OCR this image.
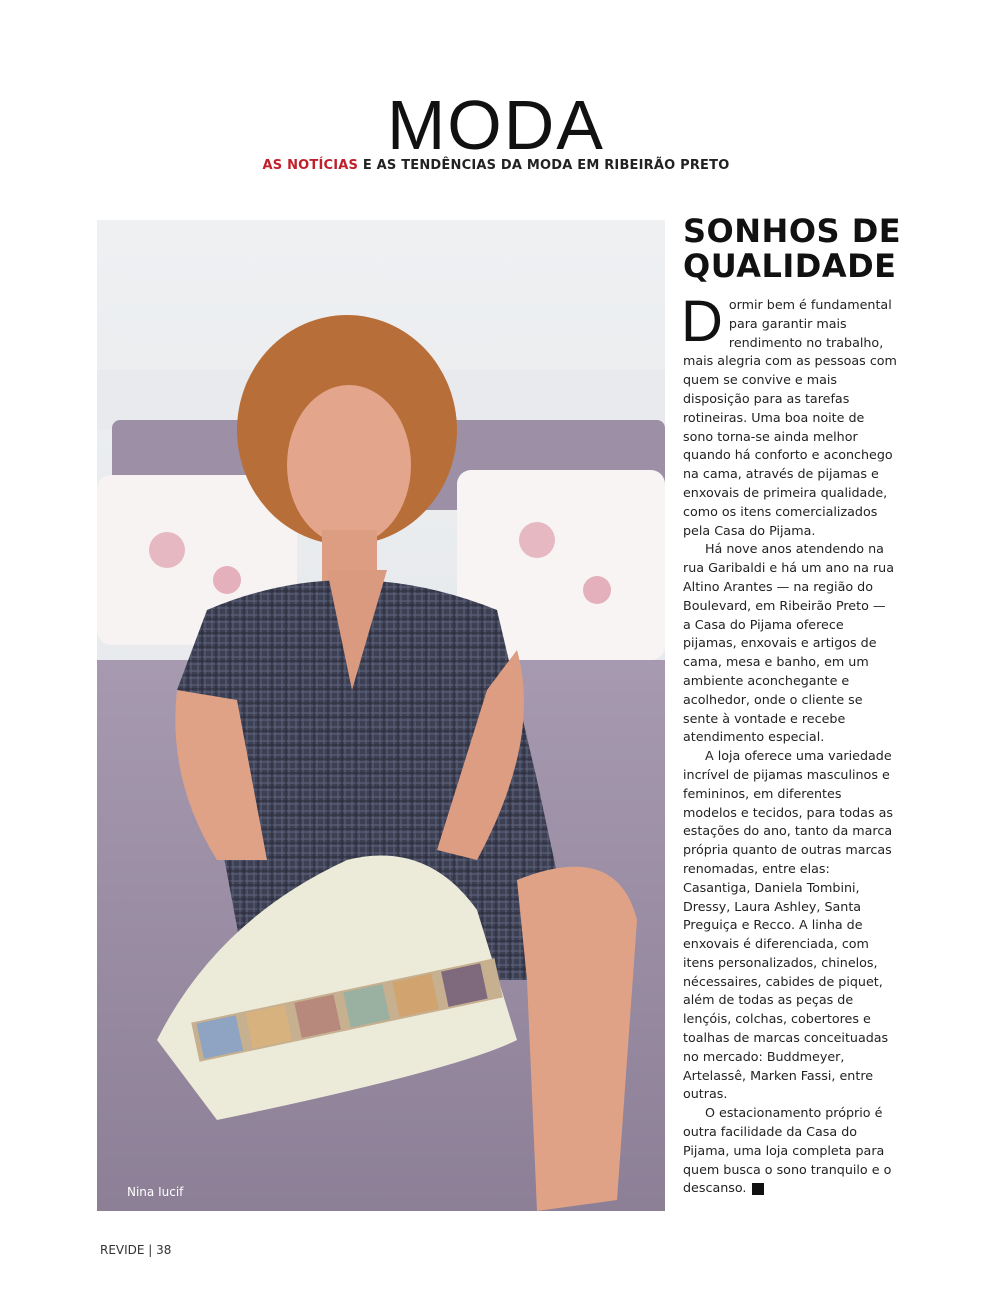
MODA
AS NOTÍCIAS E AS TENDÊNCIAS DA MODA EM RIBEIRÃO PRETO
Nina Iucif
SONHOS DE
QUALIDADE

Dormir bem é fundamental para garantir mais rendimento no trabalho, mais alegria com as pessoas com quem se convive e mais disposição para as tarefas rotineiras. Uma boa noite de sono torna-se ainda melhor quando há conforto e aconchego na cama, através de pijamas e enxovais de primeira qualidade, como os itens comercializados pela Casa do Pijama.

Há nove anos atendendo na rua Garibaldi e há um ano na rua Altino Arantes — na região do Boulevard, em Ribeirão Preto — a Casa do Pijama oferece pijamas, enxovais e artigos de cama, mesa e banho, em um ambiente aconchegante e acolhedor, onde o cliente se sente à vontade e recebe atendimento especial.

A loja oferece uma variedade incrível de pijamas masculinos e femininos, em diferentes modelos e tecidos, para todas as estações do ano, tanto da marca própria quanto de outras marcas renomadas, entre elas: Casantiga, Daniela Tombini, Dressy, Laura Ashley, Santa Preguiça e Recco. A linha de enxovais é diferenciada, com itens personalizados, chinelos, nécessaires, cabides de piquet, além de todas as peças de lençóis, colchas, cobertores e toalhas de marcas conceituadas no mercado: Buddmeyer, Artelassê, Marken Fassi, entre outras.

O estacionamento próprio é outra facilidade da Casa do Pijama, uma loja completa para quem busca o sono tranquilo e o descanso.	r

REVIDE | 38
